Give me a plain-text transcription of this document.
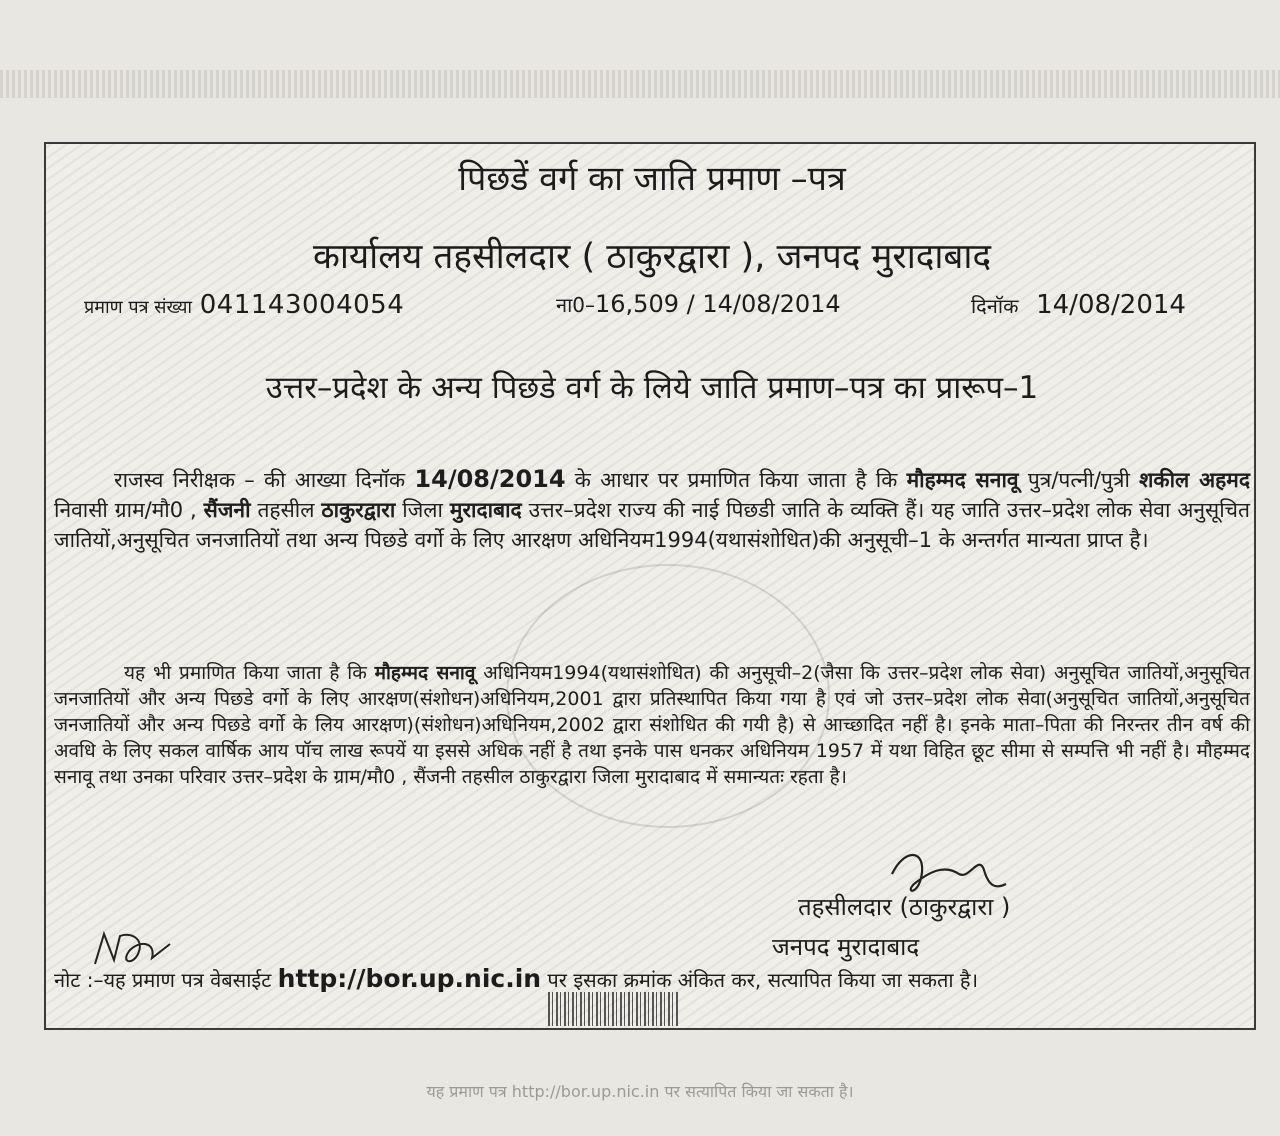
पिछडें वर्ग का जाति प्रमाण –पत्र
कार्यालय तहसीलदार ( ठाकुरद्वारा ), जनपद मुरादाबाद
प्रमाण पत्र संख्या 041143004054	ना0–16,509 / 14/08/2014	दिनॉक 14/08/2014
उत्तर–प्रदेश के अन्य पिछडे वर्ग के लिये जाति प्रमाण–पत्र का प्रारूप–1
राजस्व निरीक्षक – की आख्या दिनॉक 14/08/2014 के आधार पर प्रमाणित किया जाता है कि मौहम्मद सनावू पुत्र/पत्नी/पुत्री शकील अहमद निवासी ग्राम/मौ0 , सैंजनी तहसील ठाकुरद्वारा जिला मुरादाबाद उत्तर–प्रदेश राज्य की नाई पिछडी जाति के व्यक्ति हैं। यह जाति उत्तर–प्रदेश लोक सेवा अनुसूचित जातियों,अनुसूचित जनजातियों तथा अन्य पिछडे वर्गो के लिए आरक्षण अधिनियम1994(यथासंशोधित)की अनुसूची–1 के अन्तर्गत मान्यता प्राप्त है।
यह भी प्रमाणित किया जाता है कि मौहम्मद सनावू अधिनियम1994(यथासंशोधित) की अनुसूची–2(जैसा कि उत्तर–प्रदेश लोक सेवा) अनुसूचित जातियों,अनुसूचित जनजातियों और अन्य पिछडे वर्गो के लिए आरक्षण(संशोधन)अधिनियम,2001 द्वारा प्रतिस्थापित किया गया है एवं जो उत्तर–प्रदेश लोक सेवा(अनुसूचित जातियों,अनुसूचित जनजातियों और अन्य पिछडे वर्गो के लिय आरक्षण)(संशोधन)अधिनियम,2002 द्वारा संशोधित की गयी है) से आच्छादित नहीं है। इनके माता–पिता की निरन्तर तीन वर्ष की अवधि के लिए सकल वार्षिक आय पॉच लाख रूपयें या इससे अधिक नहीं है तथा इनके पास धनकर अधिनियम 1957 में यथा विहित छूट सीमा से सम्पत्ति भी नहीं है। मौहम्मद सनावू तथा उनका परिवार उत्तर–प्रदेश के ग्राम/मौ0 , सैंजनी तहसील ठाकुरद्वारा जिला मुरादाबाद में समान्यतः रहता है।
तहसीलदार (ठाकुरद्वारा )
जनपद मुरादाबाद
नोट :–यह प्रमाण पत्र वेबसाईट http://bor.up.nic.in पर इसका क्रमांक अंकित कर, सत्यापित किया जा सकता है।
यह प्रमाण पत्र http://bor.up.nic.in पर सत्यापित किया जा सकता है।
